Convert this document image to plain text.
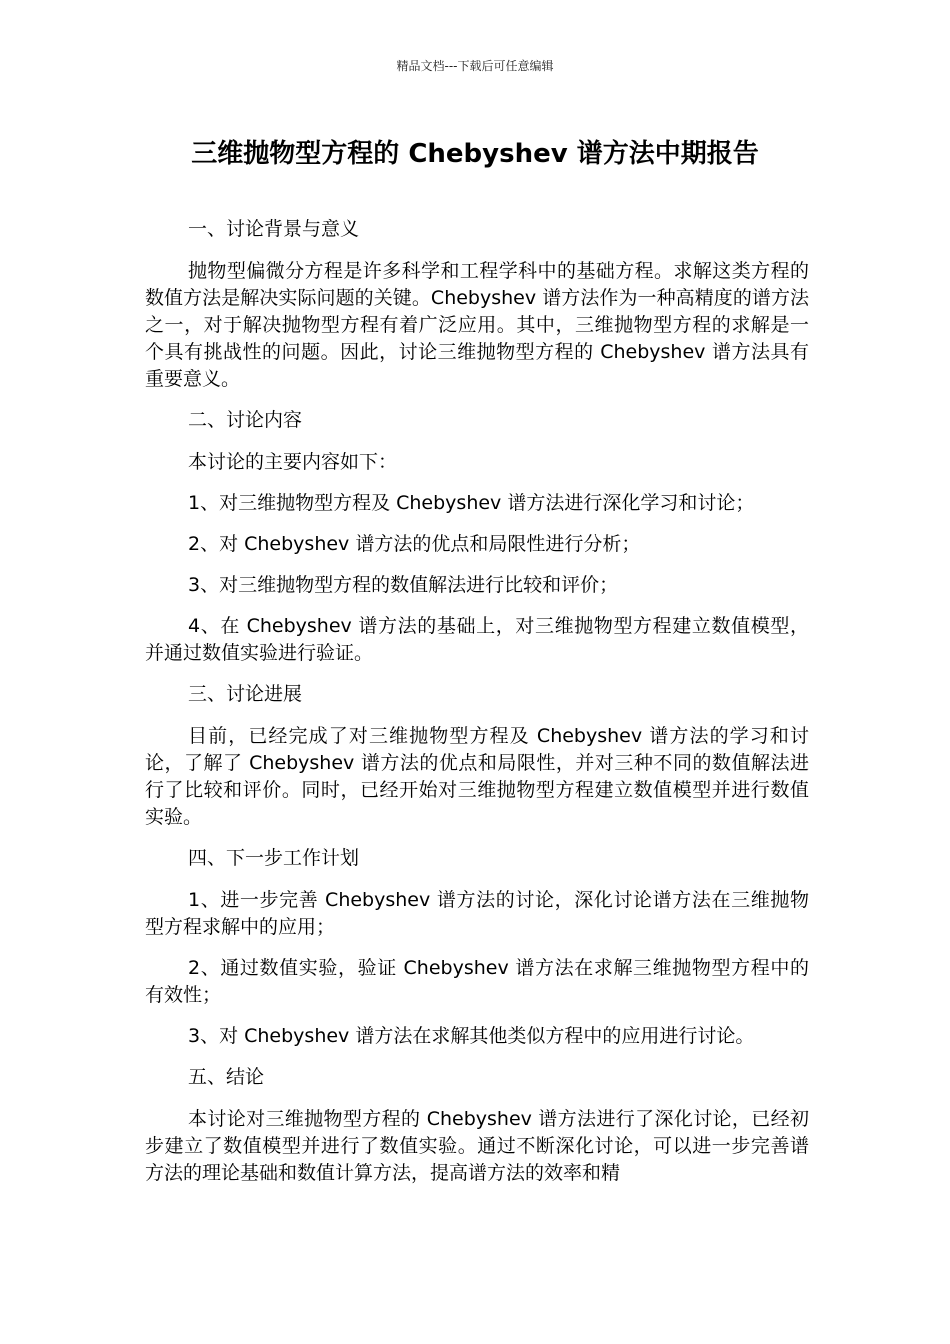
精品文档---下载后可任意编辑
三维抛物型方程的 Chebyshev 谱方法中期报告

一、讨论背景与意义

抛物型偏微分方程是许多科学和工程学科中的基础方程。求解这类方程的数值方法是解决实际问题的关键。Chebyshev 谱方法作为一种高精度的谱方法之一，对于解决抛物型方程有着广泛应用。其中，三维抛物型方程的求解是一个具有挑战性的问题。因此，讨论三维抛物型方程的 Chebyshev 谱方法具有重要意义。

二、讨论内容

本讨论的主要内容如下：

1、对三维抛物型方程及 Chebyshev 谱方法进行深化学习和讨论；

2、对 Chebyshev 谱方法的优点和局限性进行分析；

3、对三维抛物型方程的数值解法进行比较和评价；

4、在 Chebyshev 谱方法的基础上，对三维抛物型方程建立数值模型，并通过数值实验进行验证。

三、讨论进展

目前，已经完成了对三维抛物型方程及 Chebyshev 谱方法的学习和讨论，了解了 Chebyshev 谱方法的优点和局限性，并对三种不同的数值解法进行了比较和评价。同时，已经开始对三维抛物型方程建立数值模型并进行数值实验。

四、下一步工作计划

1、进一步完善 Chebyshev 谱方法的讨论，深化讨论谱方法在三维抛物型方程求解中的应用；

2、通过数值实验，验证 Chebyshev 谱方法在求解三维抛物型方程中的有效性；

3、对 Chebyshev 谱方法在求解其他类似方程中的应用进行讨论。

五、结论

本讨论对三维抛物型方程的 Chebyshev 谱方法进行了深化讨论，已经初步建立了数值模型并进行了数值实验。通过不断深化讨论，可以进一步完善谱方法的理论基础和数值计算方法，提高谱方法的效率和精
